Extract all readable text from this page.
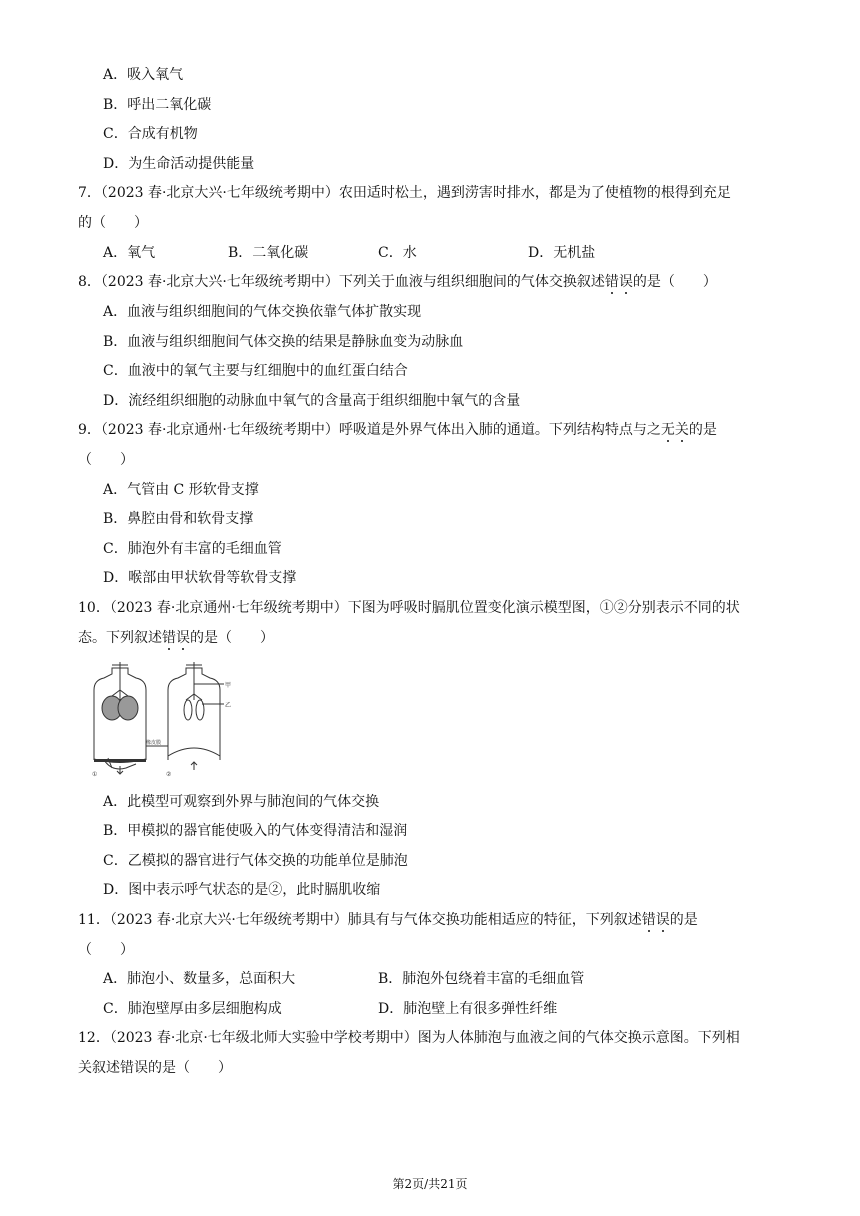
A．吸入氧气
B．呼出二氧化碳
C．合成有机物
D．为生命活动提供能量
7．（2023 春·北京大兴·七年级统考期中）农田适时松土，遇到涝害时排水，都是为了使植物的根得到充足
的（　　）
A．氧气	B．二氧化碳	C．水	D．无机盐
8．（2023 春·北京大兴·七年级统考期中）下列关于血液与组织细胞间的气体交换叙述错误的是（　　）
A．血液与组织细胞间的气体交换依靠气体扩散实现
B．血液与组织细胞间气体交换的结果是静脉血变为动脉血
C．血液中的氧气主要与红细胞中的血红蛋白结合
D．流经组织细胞的动脉血中氧气的含量高于组织细胞中氧气的含量
9．（2023 春·北京通州·七年级统考期中）呼吸道是外界气体出入肺的通道。下列结构特点与之无关的是
（　　）
A．气管由 C 形软骨支撑
B．鼻腔由骨和软骨支撑
C．肺泡外有丰富的毛细血管
D．喉部由甲状软骨等软骨支撑
10．（2023 春·北京通州·七年级统考期中）下图为呼吸时膈肌位置变化演示模型图，①②分别表示不同的状
态。下列叙述错误的是（　　）
甲
乙
橡皮膜
①	②
A．此模型可观察到外界与肺泡间的气体交换
B．甲模拟的器官能使吸入的气体变得清洁和湿润
C．乙模拟的器官进行气体交换的功能单位是肺泡
D．图中表示呼气状态的是②，此时膈肌收缩
11．（2023 春·北京大兴·七年级统考期中）肺具有与气体交换功能相适应的特征，下列叙述错误的是
（　　）
A．肺泡小、数量多，总面积大	B．肺泡外包绕着丰富的毛细血管
C．肺泡壁厚由多层细胞构成	D．肺泡壁上有很多弹性纤维
12．（2023 春·北京·七年级北师大实验中学校考期中）图为人体肺泡与血液之间的气体交换示意图。下列相
关叙述错误的是（　　）
第2页/共21页
